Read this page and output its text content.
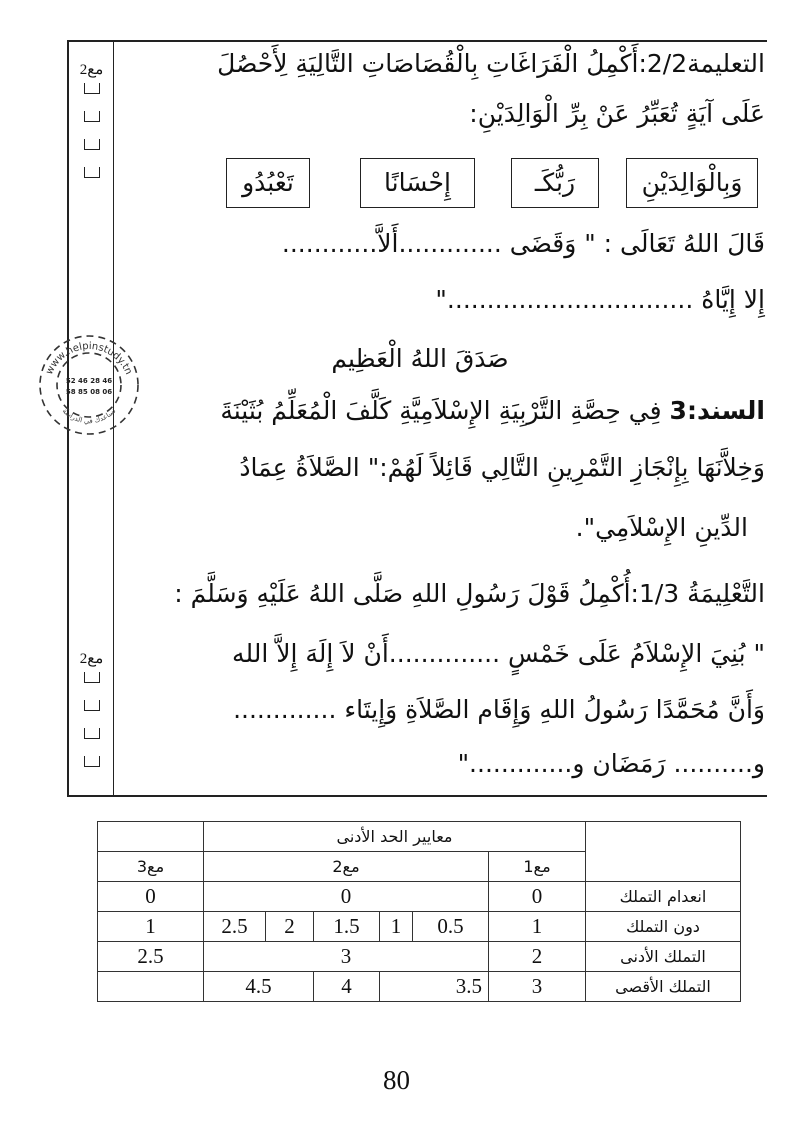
مع2
مع2
التعليمة2/2:أَكْمِلُ الْفَرَاغَاتِ بِالْقُصَاصَاتِ التَّالِيَةِ لِأَحْصُلَ
عَلَى آيَةٍ تُعَبِّرُ عَنْ بِرِّ الْوَالِدَيْنِ:
وَبِالْوَالِدَيْنِ
رَبُّكَـ
إِحْسَانًا
تَعْبُدُو
قَالَ اللهُ تَعَالَى : " وَقَضَى .............أَلاَّ............
إِلا إِيَّاهُ ..............................."
صَدَقَ اللهُ الْعَظِيم
www.helpinstudy.tn
52 46 28 46
58 85 08 06
نساعدك في الدراسة	السند:3 فِي حِصَّةِ التَّرْبِيَةِ الإِسْلاَمِيَّةِ كَلَّفَ الْمُعَلِّمُ بُثَيْنَةَ
وَخِلاَّنَهَا بِإِنْجَازِ التَّمْرِينِ التَّالِي قَائِلاً لَهُمْ:" الصَّلاَةُ عِمَادُ
الدِّينِ الإِسْلاَمِي".
التَّعْلِيمَةُ 1/3:أُكْمِلُ قَوْلَ رَسُولِ اللهِ صَلَّى اللهُ عَلَيْهِ وَسَلَّمَ :
" بُنِيَ الإِسْلاَمُ عَلَى خَمْسٍ ..............أَنْ لاَ إِلَهَ إِلاَّ الله
وَأَنَّ مُحَمَّدًا رَسُولُ اللهِ وَإِقَام الصَّلاَةِ وَإِيتَاء .............
و.......... رَمَضَان و............."
	معايير الحد الأدنى						
مع3	مع2					مع1	
0	0					0	انعدام التملك
1	2.5	2	1.5	1	0.5	1	دون التملك
2.5	3					2	التملك الأدنى
	4.5		4	3.5		3	التملك الأقصى
80
